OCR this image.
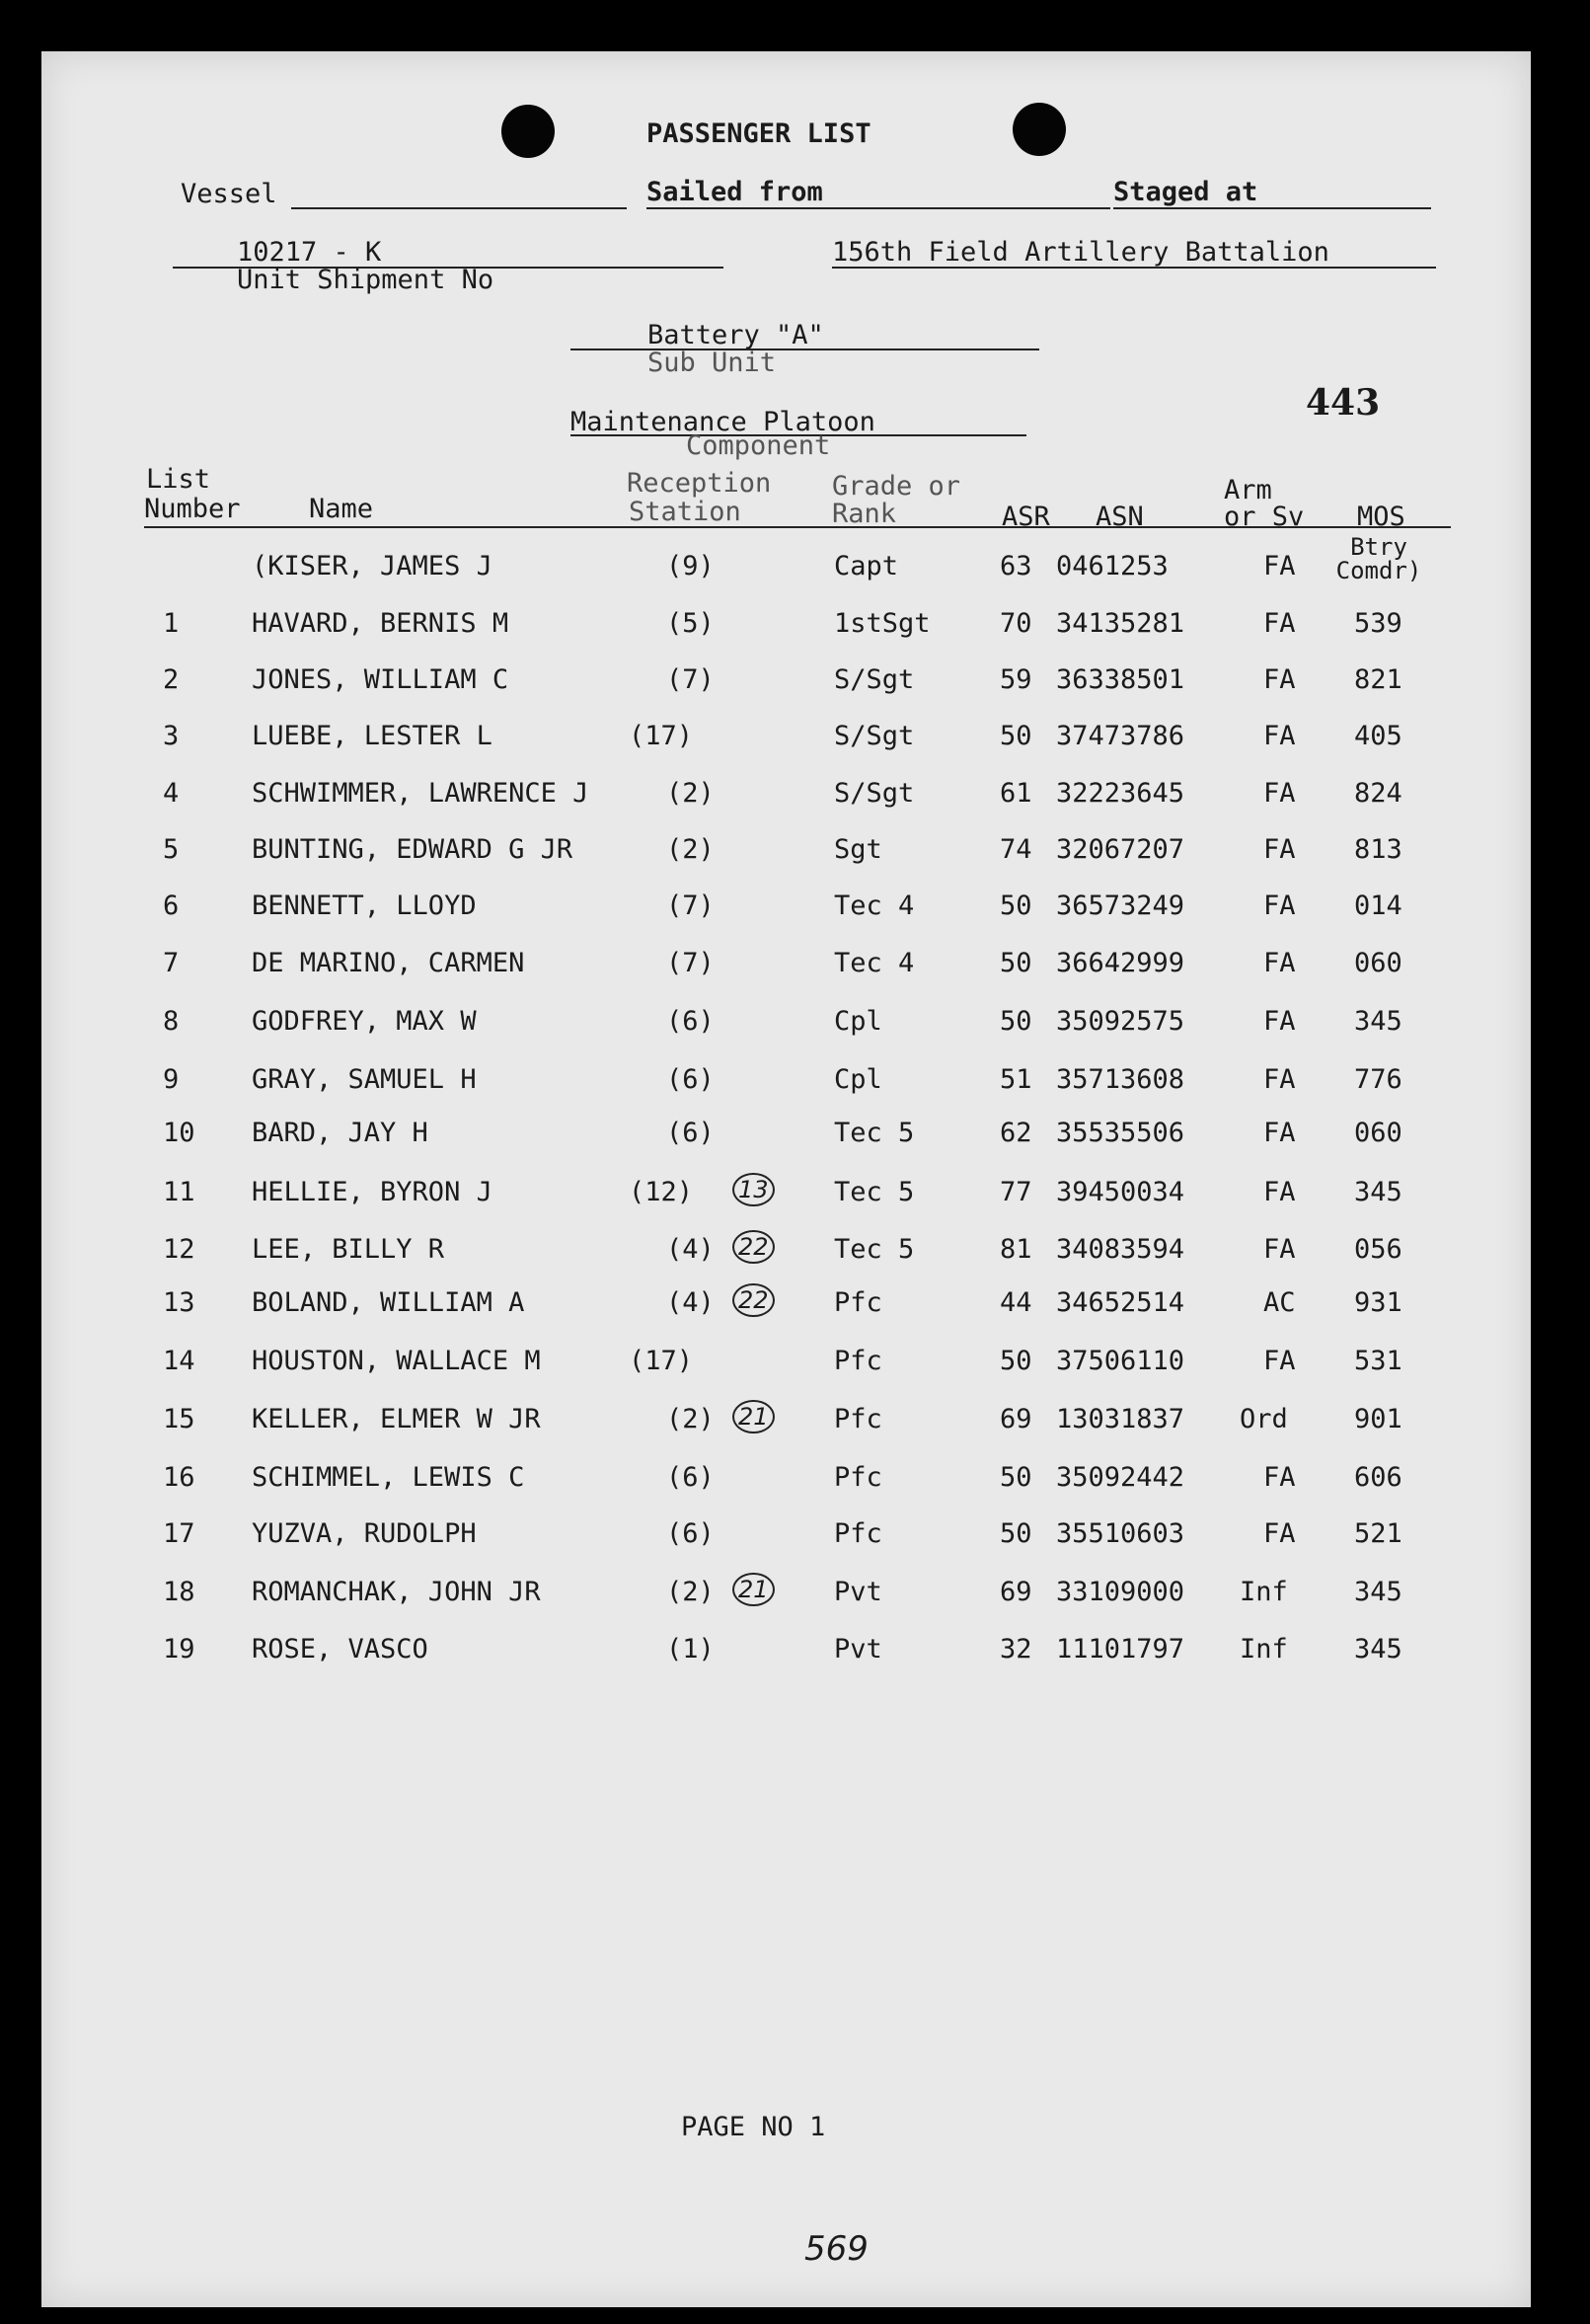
PASSENGER LIST
Vessel	Sailed from	Staged at
10217 - K
Unit Shipment No
156th Field Artillery Battalion
Battery "A"
Sub Unit
Maintenance Platoon
Component
443
List
Number	Name
Reception
Station
Grade or
Rank	ASR ASN
Arm
or Sv MOS
(KISER, JAMES J	(9)	Capt	63 0461253	FA
Btry Comdr)
1	HAVARD, BERNIS M	(5)	1stSgt	70 34135281	FA 539
2	JONES, WILLIAM C	(7)	S/Sgt	59 36338501	FA 821
3	LUEBE, LESTER L	(17)	S/Sgt	50 37473786	FA 405
4	SCHWIMMER, LAWRENCE J	(2)	S/Sgt	61 32223645	FA 824
5	BUNTING, EDWARD G JR	(2)	Sgt	74 32067207	FA 813
6	BENNETT, LLOYD	(7)	Tec 4	50 36573249	FA 014
7	DE MARINO, CARMEN	(7)	Tec 4	50 36642999	FA 060
8	GODFREY, MAX W	(6)	Cpl	50 35092575	FA 345
9	GRAY, SAMUEL H	(6)	Cpl	51 35713608	FA 776
10 BARD, JAY H	(6)	Tec 5	62 35535506	FA 060
11 HELLIE, BYRON J	(12) 13 Tec 5	77 39450034	FA 345
12 LEE, BILLY R	(4) 22 Tec 5	81 34083594	FA 056
13 BOLAND, WILLIAM A	(4) 22 Pfc	44 34652514	AC 931
14 HOUSTON, WALLACE M	(17)	Pfc	50 37506110	FA 531
15 KELLER, ELMER W JR	(2) 21 Pfc	69 13031837 Ord 901
16 SCHIMMEL, LEWIS C	(6)	Pfc	50 35092442	FA 606
17 YUZVA, RUDOLPH	(6)	Pfc	50 35510603	FA 521
18 ROMANCHAK, JOHN JR	(2) 21 Pvt	69 33109000 Inf 345
19 ROSE, VASCO	(1)	Pvt	32 11101797 Inf 345
PAGE NO 1
569
